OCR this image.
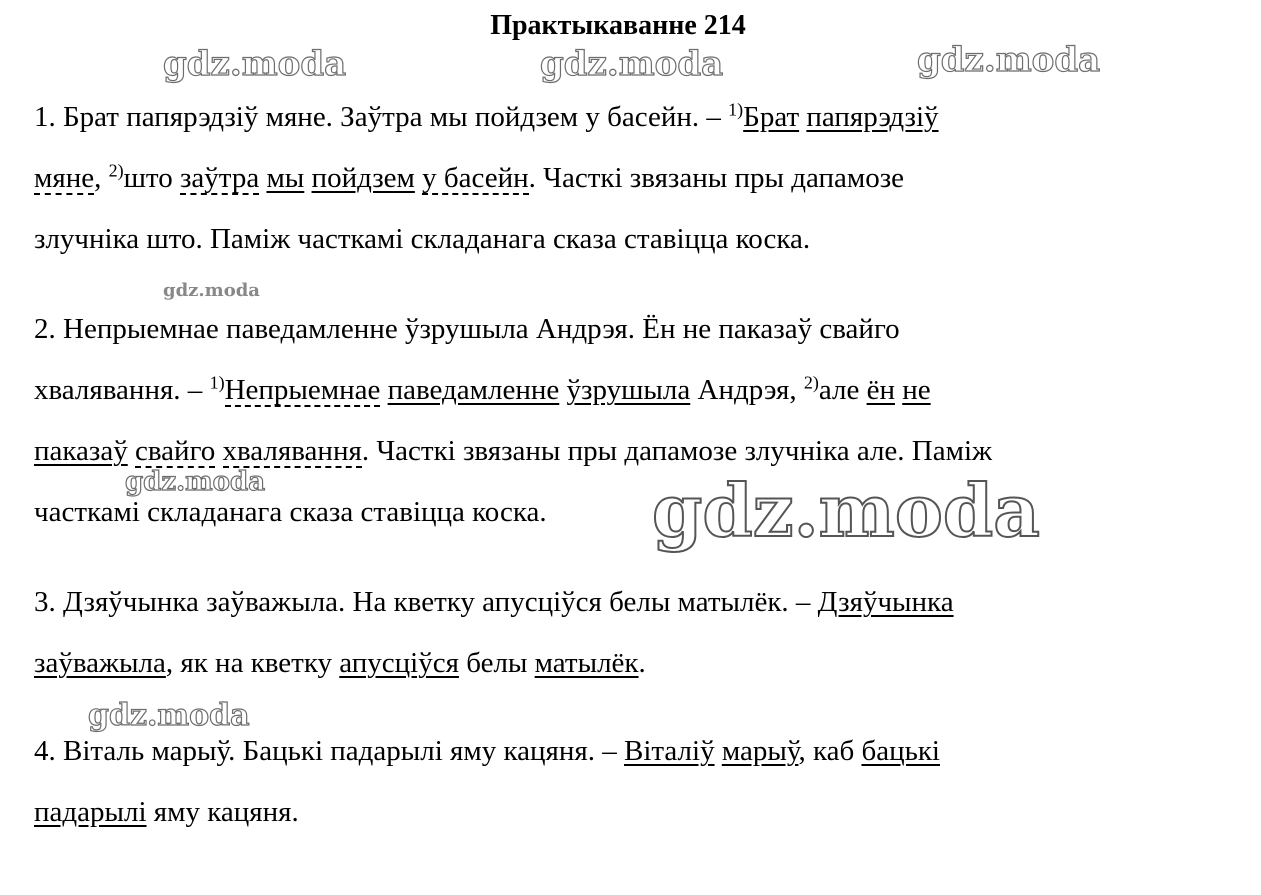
Практыкаванне 214

1. Брат папярэдзіў мяне. Заўтра мы пойдзем у басейн. – $^{1)}$Брат папярэдзіў

мяне, $^{2)}$што заўтра мы пойдзем у басейн. Часткі звязаны пры дапамозе

злучніка што. Паміж часткамі складанага сказа ставіцца коска.

2. Непрыемнае паведамленне ўзрушыла Андрэя. Ён не паказаў свайго

хвалявання. – $^{1)}$Непрыемнае паведамленне ўзрушыла Андрэя, $^{2)}$але ён не

паказаў свайго хвалявання. Часткі звязаны пры дапамозе злучніка але. Паміж

часткамі складанага сказа ставіцца коска.

3. Дзяўчынка заўважыла. На кветку апусціўся белы матылёк. – Дзяўчынка

заўважыла, як на кветку апусціўся белы матылёк.

4. Віталь марыў. Бацькі падарылі яму кацяня. – Віталіў марыў, каб бацькі

падарылі яму кацяня.

gdz.moda	gdz.moda	gdz.moda
gdz.moda
gdz.moda	gdz.moda
gdz.moda
